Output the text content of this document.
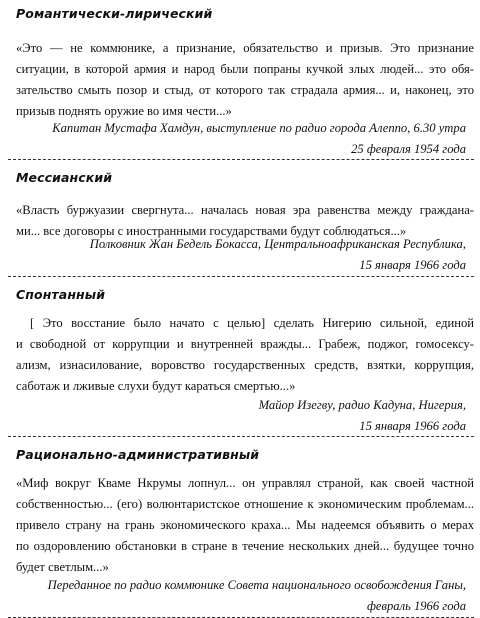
Романтически-лирический
«Это — не коммюнике, а признание, обязательство и призыв. Это признание
ситуации, в которой армия и народ были попраны кучкой злых людей... это обя-
зательство смыть позор и стыд, от которого так страдала армия... и, наконец, это
призыв поднять оружие во имя чести...»
Капитан Мустафа Хамдун, выступление по радио города Алеппо, 6.30 утра
25 февраля 1954 года
Мессианский
«Власть буржуазии свергнута... началась новая эра равенства между граждана-
ми... все договоры с иностранными государствами будут соблюдаться...»
Полковник Жан Бедель Бокасса, Центральноафриканская Республика,
15 января 1966 года
Спонтанный
[ Это восстание было начато с целью] сделать Нигерию сильной, единой
и свободной от коррупции и внутренней вражды... Грабеж, поджог, гомосексу-
ализм, изнасилование, воровство государственных средств, взятки, коррупция,
саботаж и лживые слухи будут караться смертью...»
Майор Изегву, радио Кадуна, Нигерия,
15 января 1966 года
Рационально-административный
«Миф вокруг Кваме Нкрумы лопнул... он управлял страной, как своей частной
собственностью... (его) волюнтаристское отношение к экономическим проблемам...
привело страну на грань экономического краха... Мы надеемся объявить о мерах
по оздоровлению обстановки в стране в течение нескольких дней... будущее точно
будет светлым...»
Переданное по радио коммюнике Совета национального освобождения Ганы,
февраль 1966 года
